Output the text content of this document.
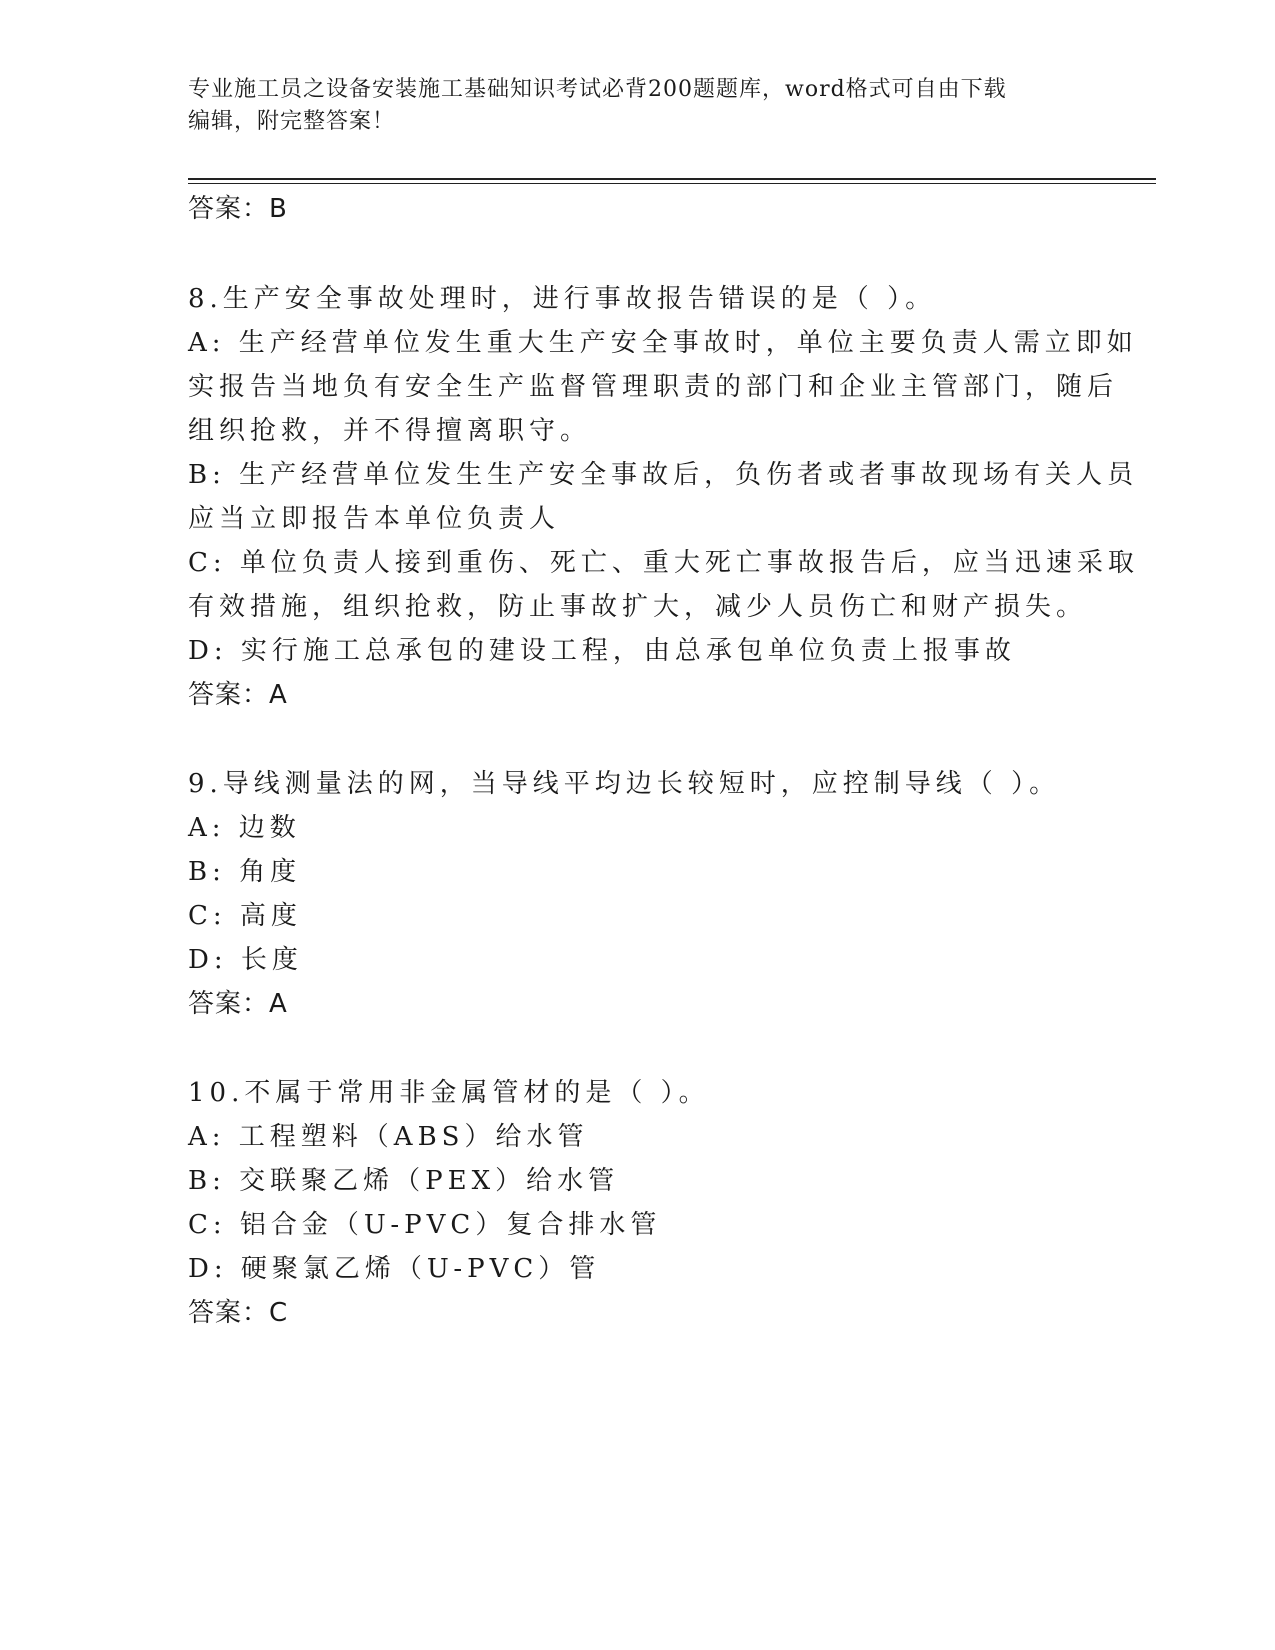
专业施工员之设备安装施工基础知识考试必背200题题库，word格式可自由下载
编辑，附完整答案！
答案：B
8.生产安全事故处理时，进行事故报告错误的是（ ）。
A: 生产经营单位发生重大生产安全事故时，单位主要负责人需立即如
实报告当地负有安全生产监督管理职责的部门和企业主管部门，随后
组织抢救，并不得擅离职守。
B: 生产经营单位发生生产安全事故后，负伤者或者事故现场有关人员
应当立即报告本单位负责人
C: 单位负责人接到重伤、死亡、重大死亡事故报告后，应当迅速采取
有效措施，组织抢救，防止事故扩大，减少人员伤亡和财产损失。
D: 实行施工总承包的建设工程，由总承包单位负责上报事故
答案：A
9.导线测量法的网，当导线平均边长较短时，应控制导线（ ）。
A: 边数
B: 角度
C: 高度
D: 长度
答案：A
10.不属于常用非金属管材的是（ ）。
A: 工程塑料（ABS）给水管
B: 交联聚乙烯（PEX）给水管
C: 铝合金（U-PVC）复合排水管
D: 硬聚氯乙烯（U-PVC）管
答案：C
